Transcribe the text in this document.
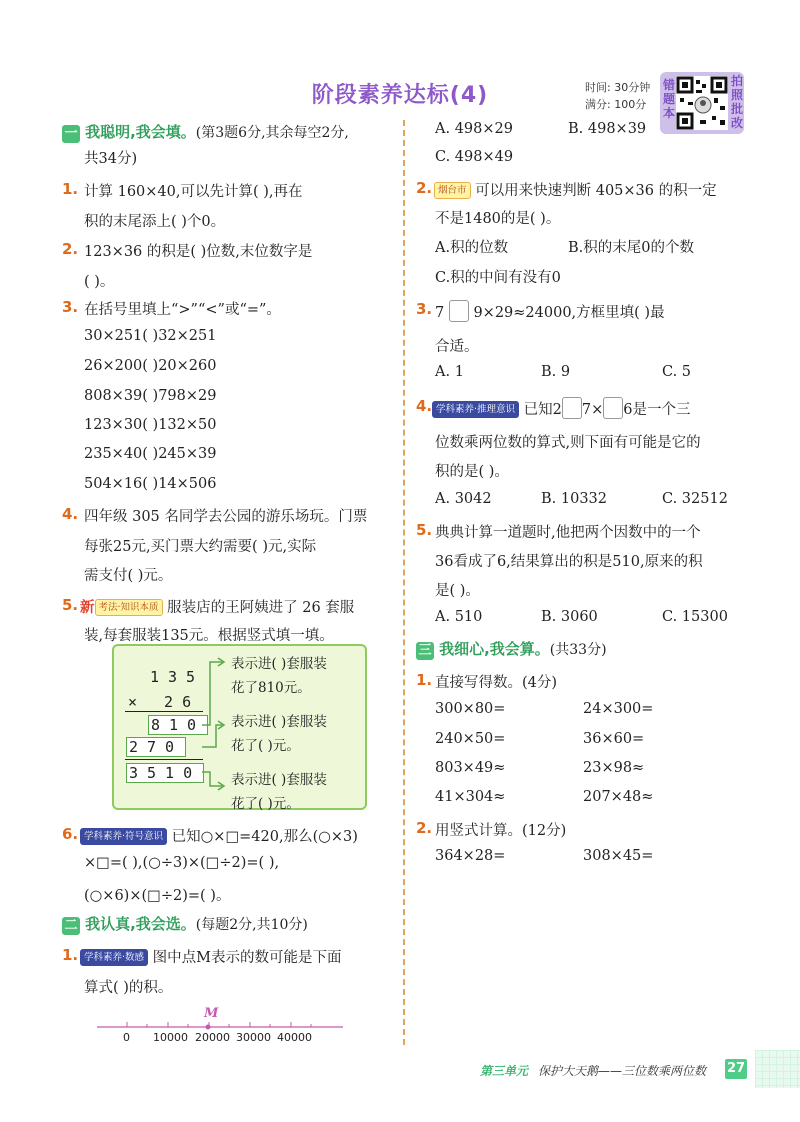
阶段素养达标(4)	时间: 30分钟
满分: 100分
错题本
拍照批改
一 我聪明,我会填。(第3题6分,其余每空2分,
共34分)
1. 计算 160×40,可以先计算( ),再在
积的末尾添上( )个0。
2. 123×36 的积是( )位数,末位数字是
( )。
3. 在括号里填上“>”“<”或“=”。
30×251( )32×251
26×200( )20×260
808×39( )798×29
123×30( )132×50
235×40( )245×39
504×16( )14×506
4. 四年级 305 名同学去公园的游乐场玩。门票
每张25元,买门票大约需要( )元,实际
需支付( )元。
5. 新 考法·知识本质 服装店的王阿姨进了 26 套服
装,每套服装135元。根据竖式填一填。
135
× 26
810
270
3510
表示进( )套服装
花了810元。
表示进( )套服装
花了( )元。
表示进( )套服装
花了( )元。
6. 学科素养·符号意识 已知○×□=420,那么(○×3)
×□=( ),(○÷3)×(□÷2)=( ),
(○×6)×(□÷2)=( )。
二 我认真,我会选。(每题2分,共10分)
1. 学科素养·数感 图中点M表示的数可能是下面
算式( )的积。
M
0 10000 20000 30000 40000
A. 498×29	B. 498×39
C. 498×49
2. 烟台市 可以用来快速判断 405×36 的积一定
不是1480的是( )。
A.积的位数	B.积的末尾0的个数
C.积的中间有没有0
3. 7 9×29≈24000,方框里填( )最
合适。
A. 1	B. 9	C. 5
4. 学科素养·推理意识 已知2 7× 6是一个三
位数乘两位数的算式,则下面有可能是它的
积的是( )。
A. 3042	B. 10332	C. 32512
5. 典典计算一道题时,他把两个因数中的一个
36看成了6,结果算出的积是510,原来的积
是( )。
A. 510	B. 3060	C. 15300
三 我细心,我会算。(共33分)
1. 直接写得数。(4分)
300×80=	24×300=
240×50=	36×60=
803×49≈	23×98≈
41×304≈	207×48≈
2. 用竖式计算。(12分)
364×28=	308×45=
第三单元 保护大天鹅——三位数乘两位数 27
